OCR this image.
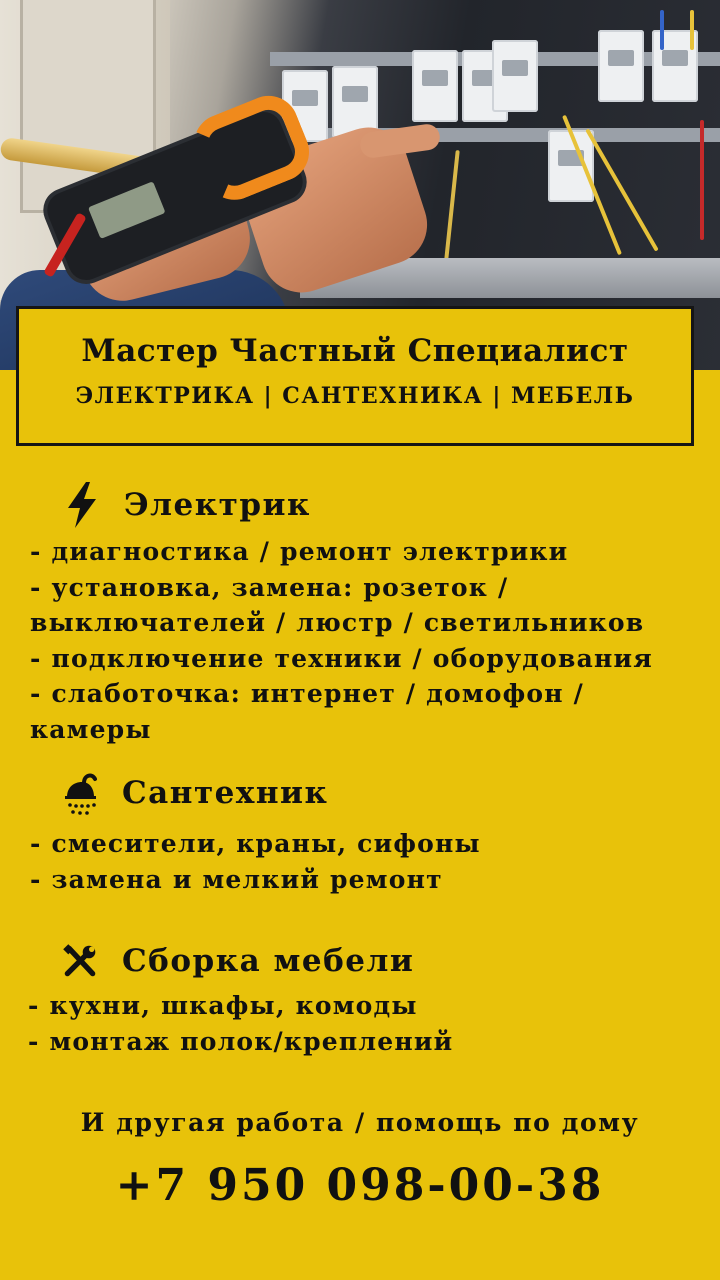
Мастер Частный Специалист
ЭЛЕКТРИКА | САНТЕХНИКА | МЕБЕЛЬ
Электрик
- диагностика / ремонт электрики
- установка, замена: розеток /
выключателей / люстр / светильников
- подключение техники / оборудования
- слаботочка: интернет / домофон /
камеры
Сантехник
- смесители, краны, сифоны
- замена и мелкий ремонт
Сборка мебели
- кухни, шкафы, комоды
- монтаж полок/креплений
И другая работа / помощь по дому
+7 950 098-00-38
